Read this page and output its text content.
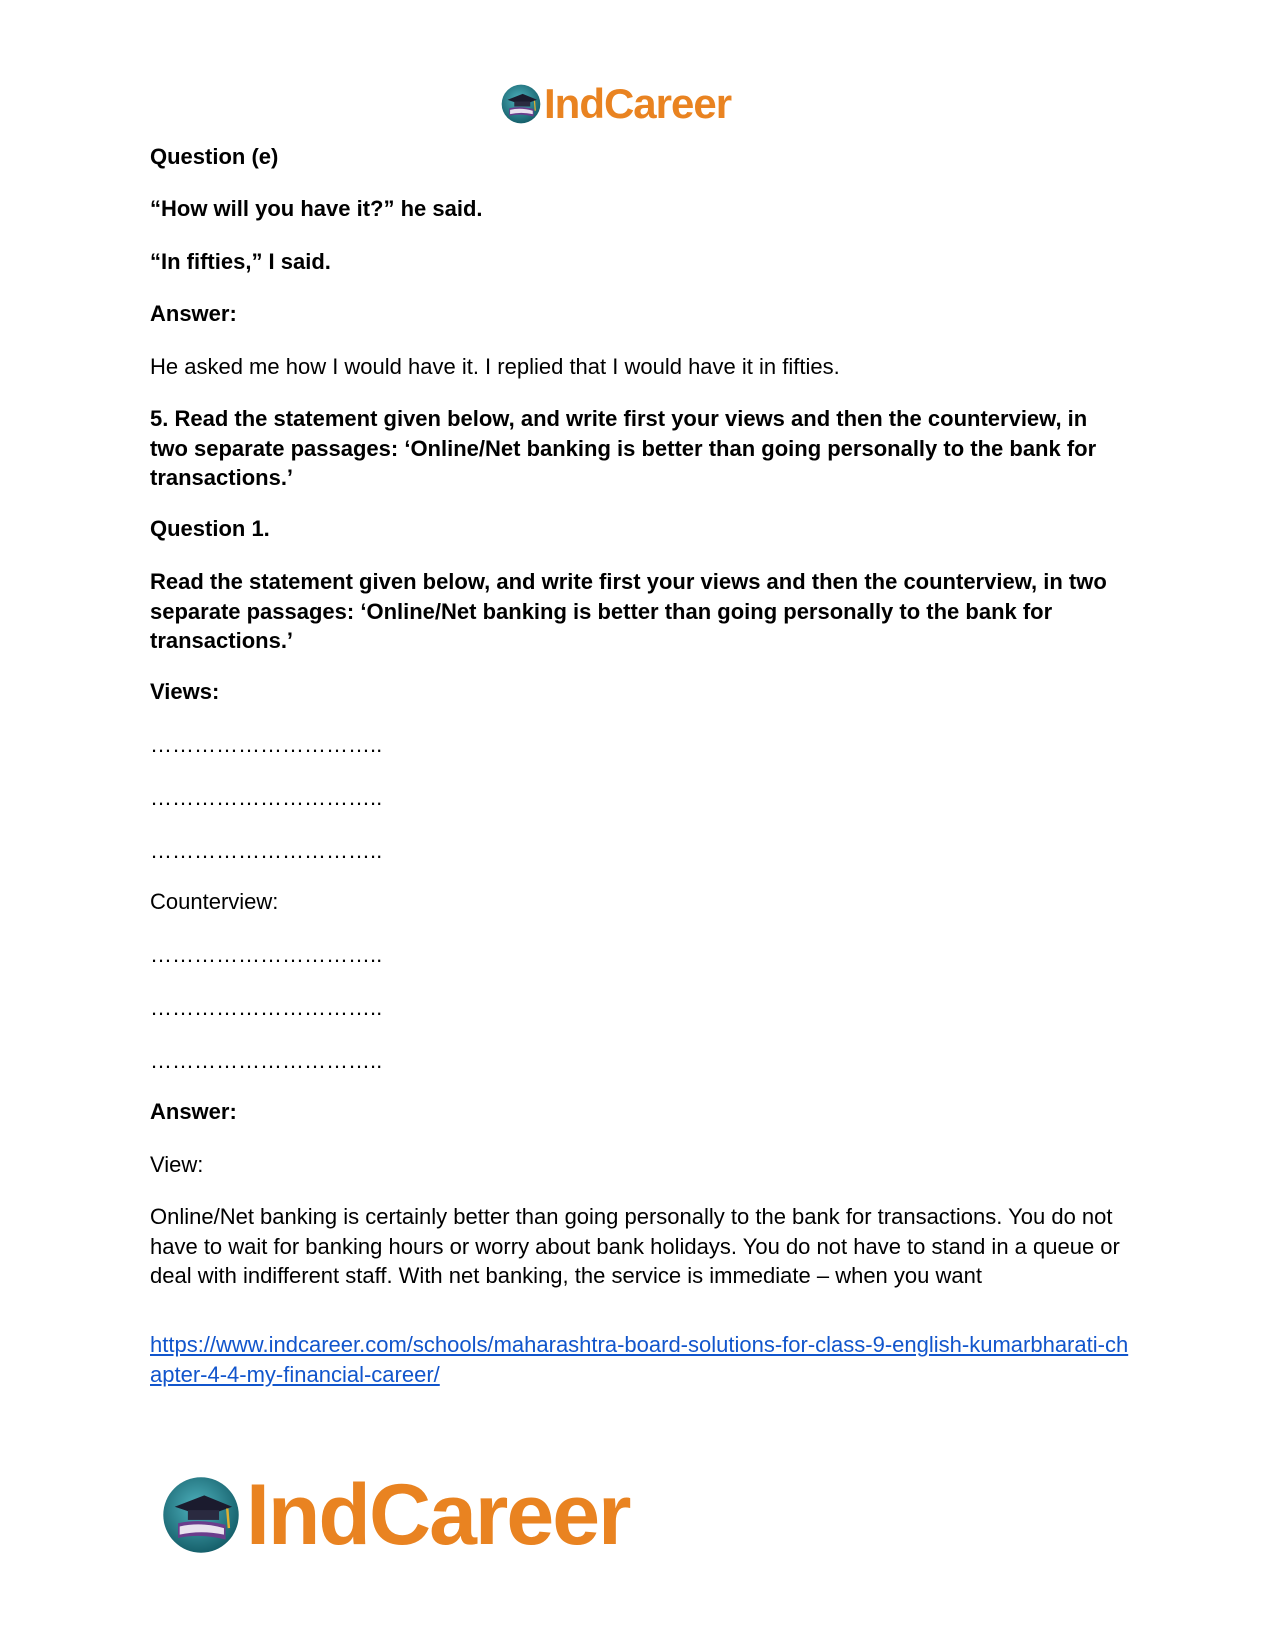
IndCareer
Question (e)
“How will you have it?” he said.
“In fifties,” I said.
Answer:
He asked me how I would have it. I replied that I would have it in fifties.
5. Read the statement given below, and write first your views and then the counterview, in two separate passages: ‘Online/Net banking is better than going personally to the bank for transactions.’
Question 1.
Read the statement given below, and write first your views and then the counterview, in two separate passages: ‘Online/Net banking is better than going personally to the bank for transactions.’
Views:
…………………………..
…………………………..
…………………………..
Counterview:
…………………………..
…………………………..
…………………………..
Answer:
View:
Online/Net banking is certainly better than going personally to the bank for transactions. You do not have to wait for banking hours or worry about bank holidays. You do not have to stand in a queue or deal with indifferent staff. With net banking, the service is immediate – when you want
https://www.indcareer.com/schools/maharashtra-board-solutions-for-class-9-english-kumarbharati-chapter-4-4-my-financial-career/
IndCareer
